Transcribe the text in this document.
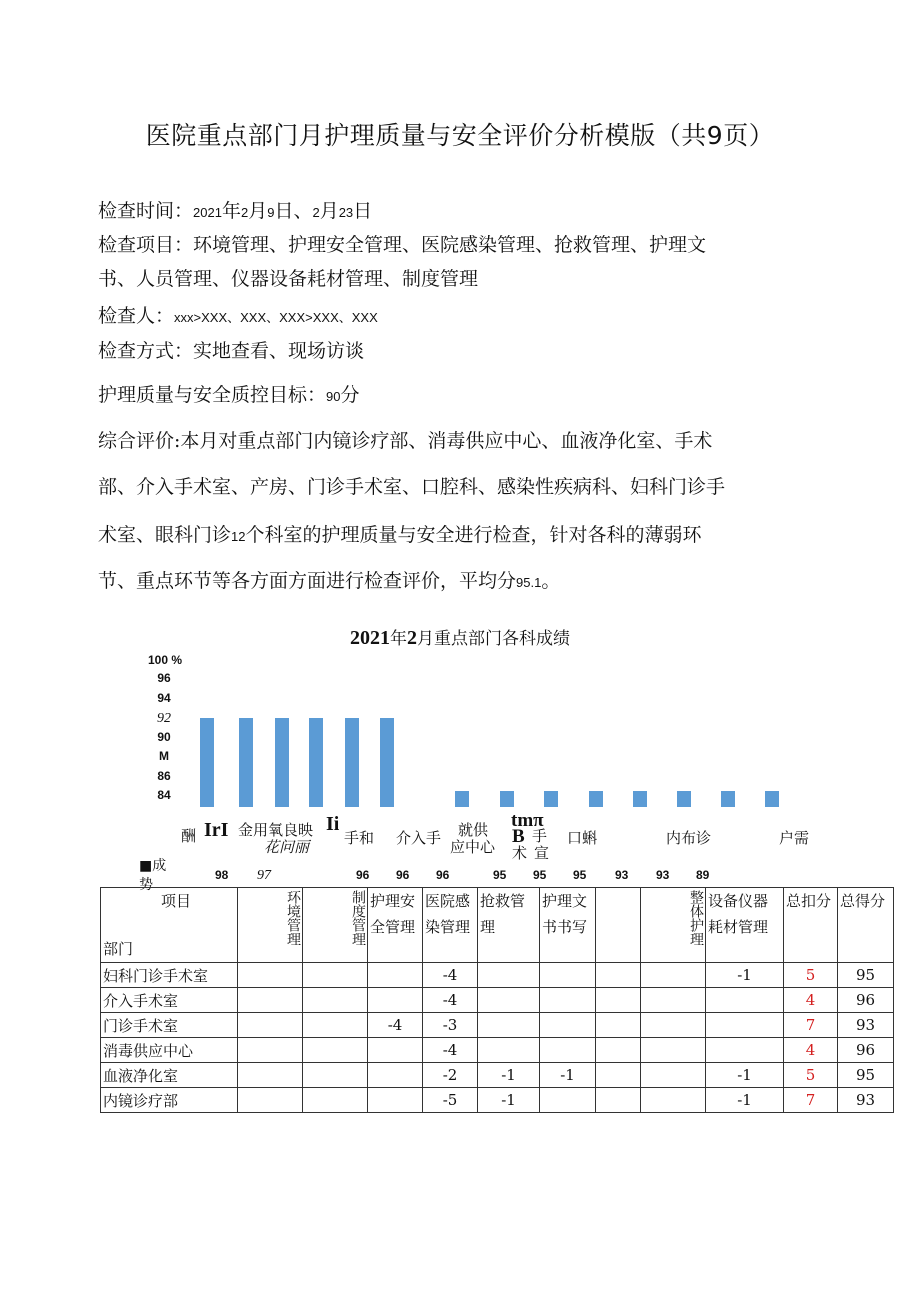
医院重点部门月护理质量与安全评价分析模版（共9页）
检查时间：2021年2月9日、2月23日
检查项目：环境管理、护理安全管理、医院感染管理、抢救管理、护理文
书、人员管理、仪器设备耗材管理、制度管理
检查人：xxx>XXX、XXX、XXX>XXX、XXX
检查方式：实地查看、现场访谈
护理质量与安全质控目标：90分
综合评价:本月对重点部门内镜诊疗部、消毒供应中心、血液净化室、手术
部、介入手术室、产房、门诊手术室、口腔科、感染性疾病科、妇科门诊手
术室、眼科门诊12个科室的护理质量与安全进行检查，针对各科的薄弱环
节、重点环节等各方面方面进行检查评价，平均分95.1。
2021年2月重点部门各科成绩
100 %
96
94
92
90
M
86
84
酬 IrI 金用氧良映
花问丽
Ii
手和 介入手 就供
应中心
tmπ
B
术
手
宣
口蝌	内布诊	户需
98 97	96 96 96	95 95 95 93 93 89
■成
势
项目
部门	环境管理	制度管理	护理安全管理	医院感染管理	抢救管理	护理文书书写		整体护理	设备仪器耗材管理	总扣分	总得分
妇科门诊手术室				-4					-1	5	95
介入手术室				-4						4	96
门诊手术室			-4	-3						7	93
消毒供应中心				-4						4	96
血液净化室				-2	-1	-1			-1	5	95
内镜诊疗部				-5	-1				-1	7	93
